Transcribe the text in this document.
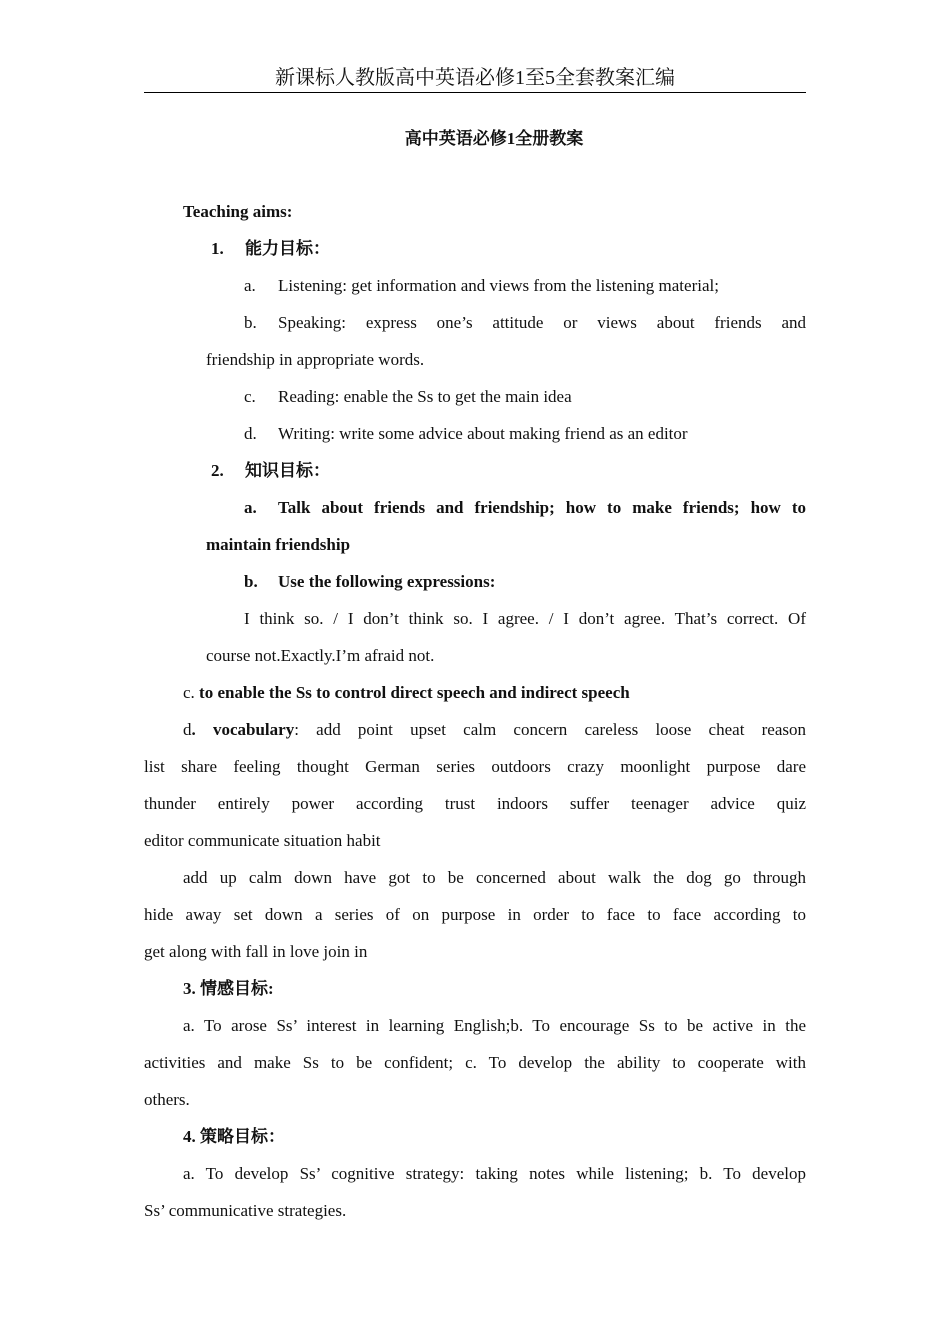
新课标人教版高中英语必修1至5全套教案汇编
高中英语必修1全册教案

Teaching aims:

1. 能力目标：

a. Listening: get information and views from the listening material;

b. Speaking: express one’s attitude or views about friends and
friendship in appropriate words.

c. Reading: enable the Ss to get the main idea

d. Writing: write some advice about making friend as an editor

2. 知识目标：

a. Talk about friends and friendship; how to make friends; how to
maintain friendship

b. Use the following expressions:

I think so. / I don’t think so. I agree. / I don’t agree. That’s correct. Of
course not.Exactly.I’m afraid not.

c. to enable the Ss to control direct speech and indirect speech

d. vocabulary: add point upset calm concern careless loose cheat reason
list share feeling thought German series outdoors crazy moonlight purpose dare
thunder entirely power according trust indoors suffer teenager advice quiz
editor communicate situation habit
add up calm down have got to be concerned about walk the dog go through
hide away set down a series of on purpose in order to face to face according to
get along with fall in love join in

3. 情感目标:

a. To arose Ss’ interest in learning English;b. To encourage Ss to be active in the
activities and make Ss to be confident; c. To develop the ability to cooperate with
others.

4. 策略目标：

a. To develop Ss’ cognitive strategy: taking notes while listening; b. To develop
Ss’ communicative strategies.
